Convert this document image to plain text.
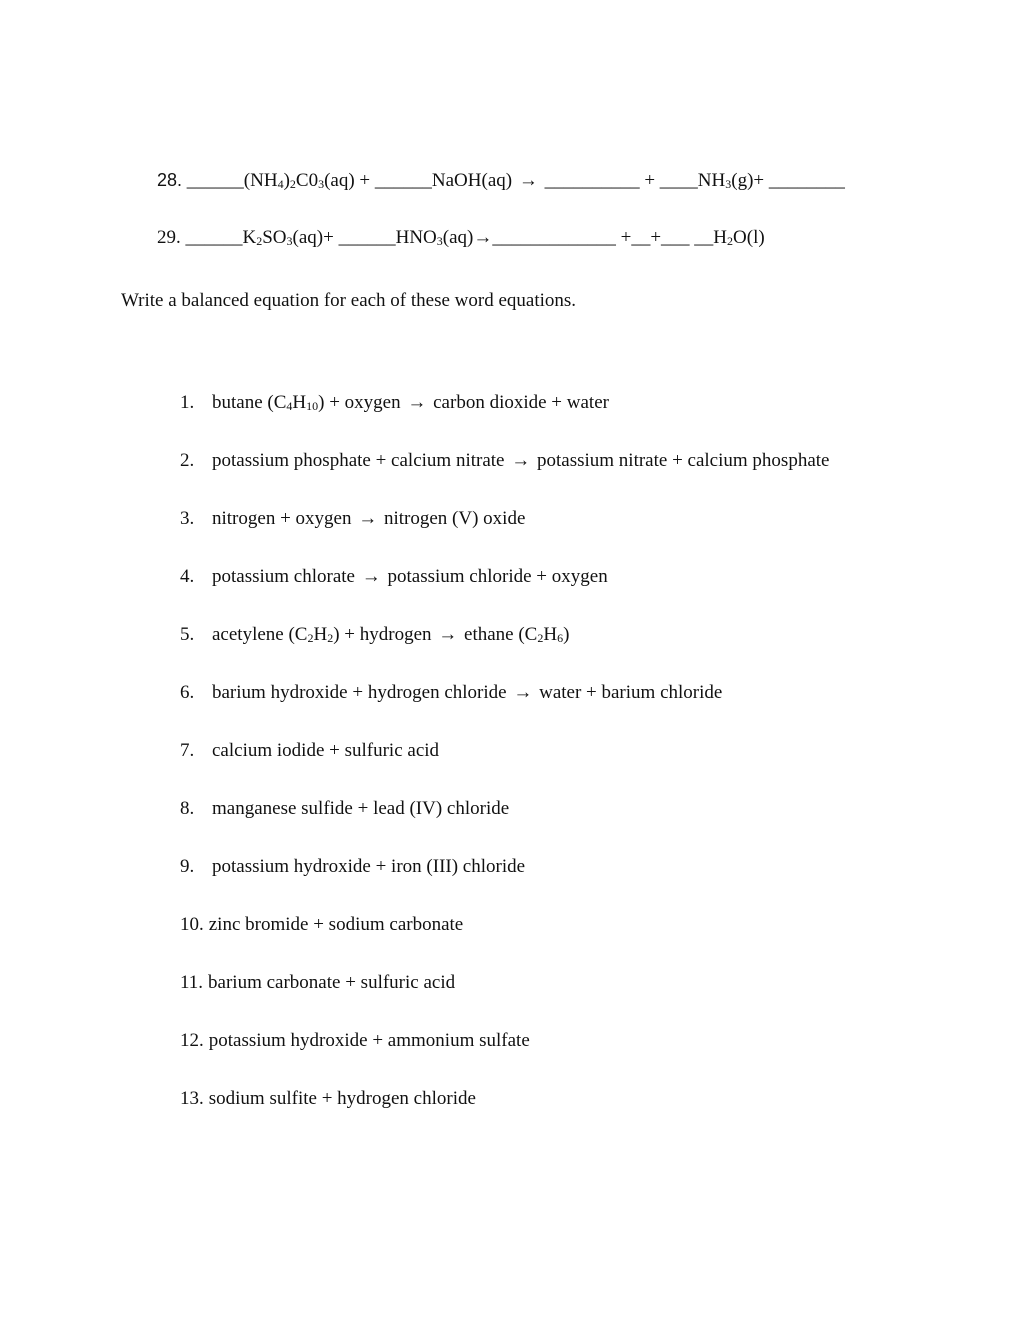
28. $\_\_\_\_\_\_(NH_4)_2C0_3(aq)$ + ______NaOH(aq) → __________ + $\_\_\_\_NH_3(g)+$ ________
29. $\_\_\_\_\_\_K_2SO_3(aq)+$ $\_\_\_\_\_\_HNO_3(aq)\to\_\_\_\_\_\_\_\_\_\_\_\_\_$ +__+___ $\_\_H_2O(l)$
Write a balanced equation for each of these word equations.
1. butane $(C_4H_{10})$ + oxygen → carbon dioxide + water
2. potassium phosphate + calcium nitrate → potassium nitrate + calcium phosphate
3. nitrogen + oxygen → nitrogen (V) oxide
4. potassium chlorate → potassium chloride + oxygen
5. acetylene $(C_2H_2)$ + hydrogen → ethane $(C_2H_6)$
6. barium hydroxide + hydrogen chloride → water + barium chloride
7. calcium iodide + sulfuric acid
8. manganese sulfide + lead (IV) chloride
9. potassium hydroxide + iron (III) chloride
10. zinc bromide + sodium carbonate
11. barium carbonate + sulfuric acid
12. potassium hydroxide + ammonium sulfate
13. sodium sulfite + hydrogen chloride
